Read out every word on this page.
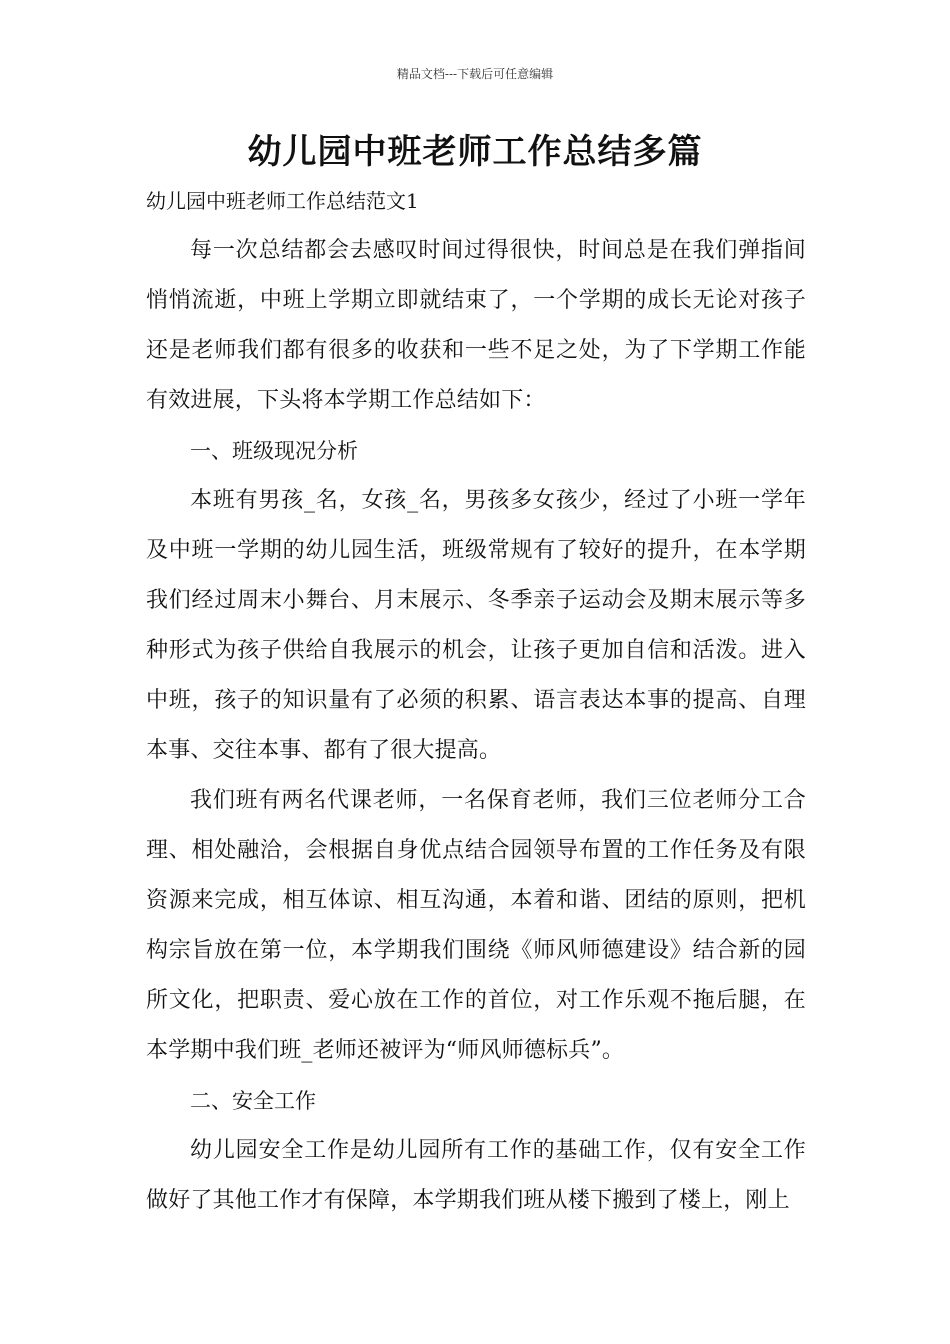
精品文档---下载后可任意编辑
幼儿园中班老师工作总结多篇

幼儿园中班老师工作总结范文1

每一次总结都会去感叹时间过得很快，时间总是在我们弹指间悄悄流逝，中班上学期立即就结束了，一个学期的成长无论对孩子还是老师我们都有很多的收获和一些不足之处，为了下学期工作能有效进展，下头将本学期工作总结如下：

一、班级现况分析

本班有男孩_名，女孩_名，男孩多女孩少，经过了小班一学年及中班一学期的幼儿园生活，班级常规有了较好的提升，在本学期我们经过周末小舞台、月末展示、冬季亲子运动会及期末展示等多种形式为孩子供给自我展示的机会，让孩子更加自信和活泼。进入中班，孩子的知识量有了必须的积累、语言表达本事的提高、自理本事、交往本事、都有了很大提高。

我们班有两名代课老师，一名保育老师，我们三位老师分工合理、相处融洽，会根据自身优点结合园领导布置的工作任务及有限资源来完成，相互体谅、相互沟通，本着和谐、团结的原则，把机构宗旨放在第一位，本学期我们围绕《师风师德建设》结合新的园所文化，把职责、爱心放在工作的首位，对工作乐观不拖后腿，在本学期中我们班_老师还被评为“师风师德标兵”。

二、安全工作

幼儿园安全工作是幼儿园所有工作的基础工作，仅有安全工作做好了其他工作才有保障，本学期我们班从楼下搬到了楼上，刚上
